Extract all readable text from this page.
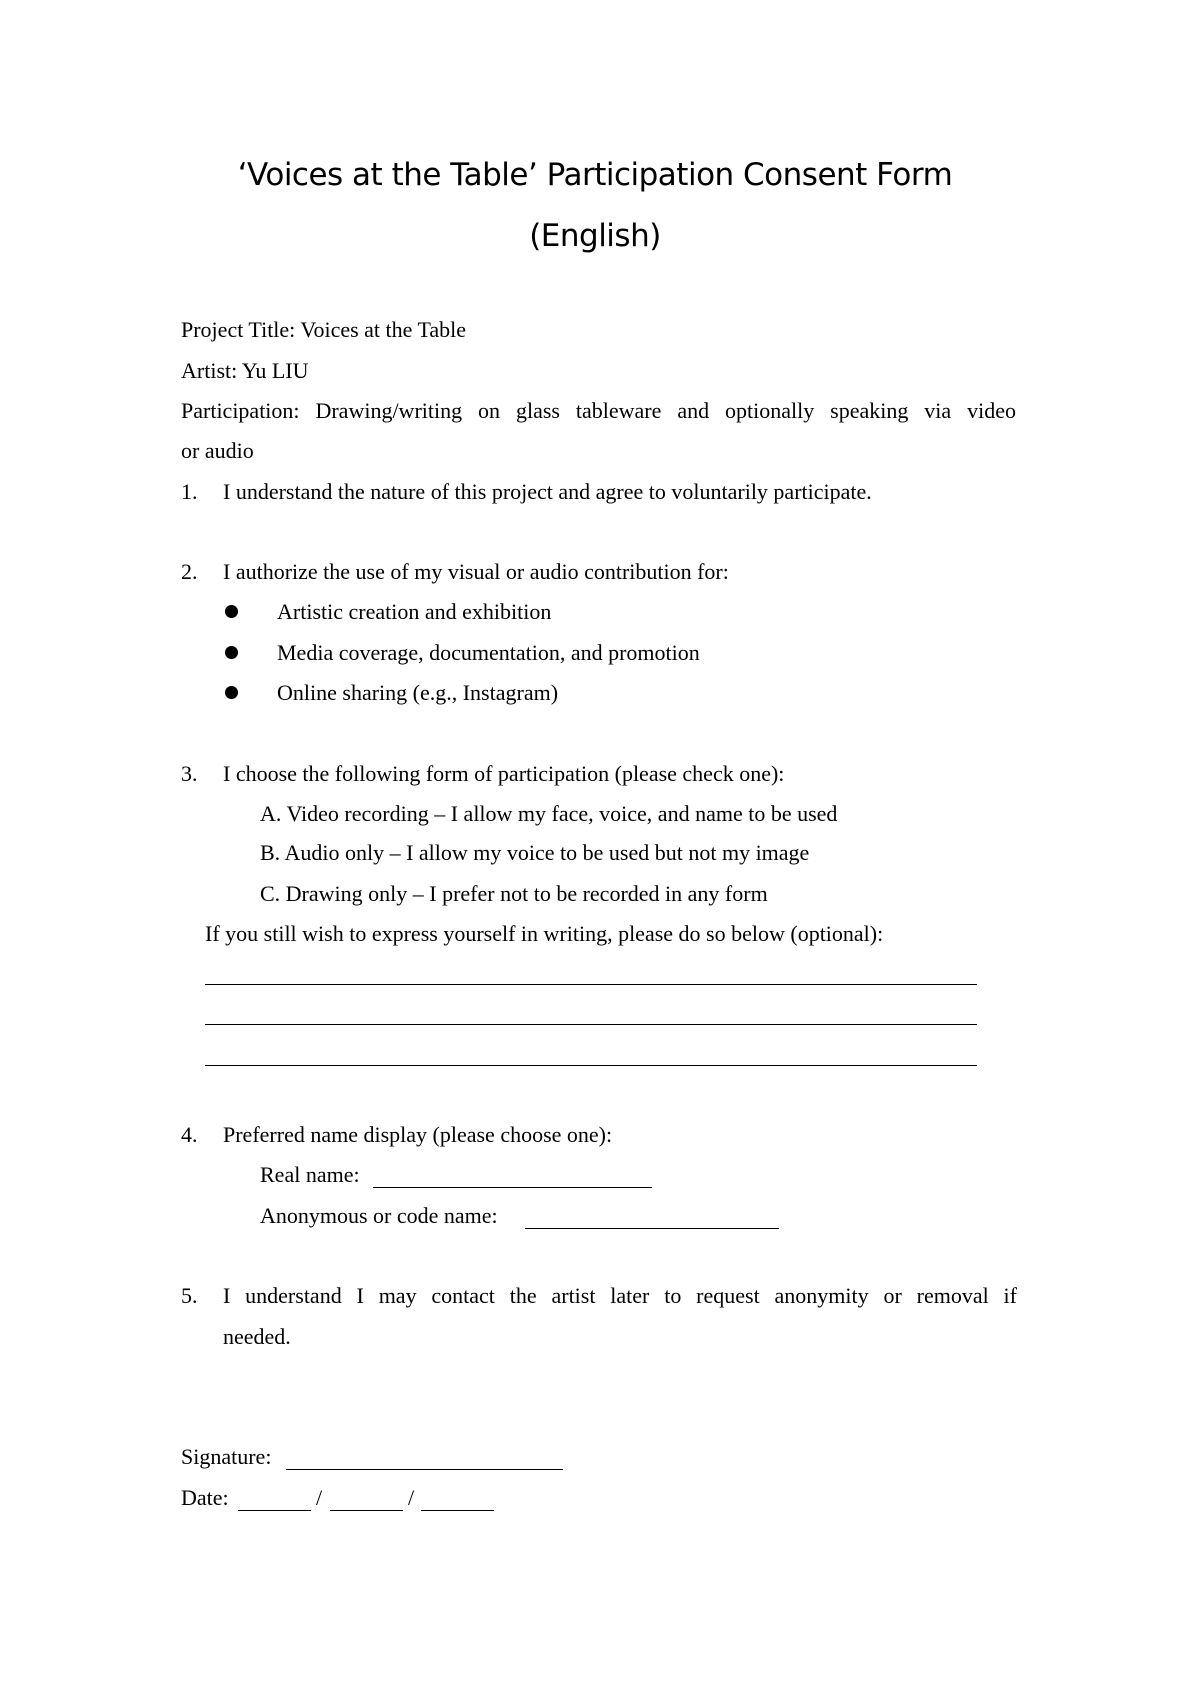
‘Voices at the Table’ Participation Consent Form
(English)
Project Title: Voices at the Table
Artist: Yu LIU
Participation: Drawing/writing on glass tableware and optionally speaking via video
or audio
1. I understand the nature of this project and agree to voluntarily participate.
2. I authorize the use of my visual or audio contribution for:
Artistic creation and exhibition
Media coverage, documentation, and promotion
Online sharing (e.g., Instagram)
3. I choose the following form of participation (please check one):
A. Video recording – I allow my face, voice, and name to be used
B. Audio only – I allow my voice to be used but not my image
C. Drawing only – I prefer not to be recorded in any form
If you still wish to express yourself in writing, please do so below (optional):
4. Preferred name display (please choose one):
Real name:
Anonymous or code name:
5. I understand I may contact the artist later to request anonymity or removal if
needed.
Signature:
Date:	/	/
